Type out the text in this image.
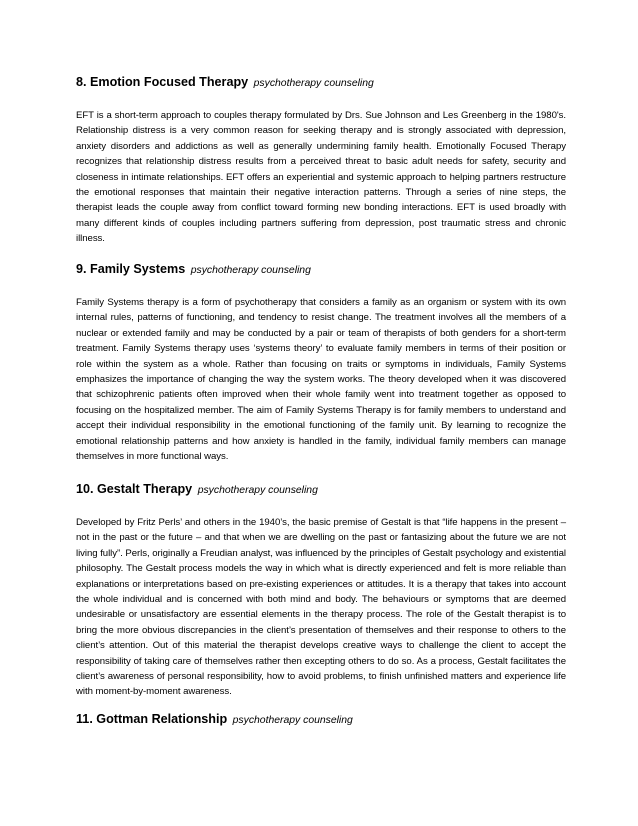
8. Emotion Focused Therapy psychotherapy counseling

EFT is a short-term approach to couples therapy formulated by Drs. Sue Johnson and Les Greenberg in the 1980's. Relationship distress is a very common reason for seeking therapy and is strongly associated with depression, anxiety disorders and addictions as well as generally undermining family health. Emotionally Focused Therapy recognizes that relationship distress results from a perceived threat to basic adult needs for safety, security and closeness in intimate relationships. EFT offers an experiential and systemic approach to helping partners restructure the emotional responses that maintain their negative interaction patterns. Through a series of nine steps, the therapist leads the couple away from conflict toward forming new bonding interactions. EFT is used broadly with many different kinds of couples including partners suffering from depression, post traumatic stress and chronic illness.

9. Family Systems psychotherapy counseling

Family Systems therapy is a form of psychotherapy that considers a family as an organism or system with its own internal rules, patterns of functioning, and tendency to resist change. The treatment involves all the members of a nuclear or extended family and may be conducted by a pair or team of therapists of both genders for a short-term treatment. Family Systems therapy uses ‘systems theory’ to evaluate family members in terms of their position or role within the system as a whole. Rather than focusing on traits or symptoms in individuals, Family Systems emphasizes the importance of changing the way the system works. The theory developed when it was discovered that schizophrenic patients often improved when their whole family went into treatment together as opposed to focusing on the hospitalized member. The aim of Family Systems Therapy is for family members to understand and accept their individual responsibility in the emotional functioning of the family unit. By learning to recognize the emotional relationship patterns and how anxiety is handled in the family, individual family members can manage themselves in more functional ways.

10. Gestalt Therapy psychotherapy counseling

Developed by Fritz Perls’ and others in the 1940’s, the basic premise of Gestalt is that “life happens in the present – not in the past or the future – and that when we are dwelling on the past or fantasizing about the future we are not living fully”. Perls, originally a Freudian analyst, was influenced by the principles of Gestalt psychology and existential philosophy. The Gestalt process models the way in which what is directly experienced and felt is more reliable than explanations or interpretations based on pre-existing experiences or attitudes. It is a therapy that takes into account the whole individual and is concerned with both mind and body. The behaviours or symptoms that are deemed undesirable or unsatisfactory are essential elements in the therapy process. The role of the Gestalt therapist is to bring the more obvious discrepancies in the client’s presentation of themselves and their response to others to the client’s attention. Out of this material the therapist develops creative ways to challenge the client to accept the responsibility of taking care of themselves rather then excepting others to do so. As a process, Gestalt facilitates the client’s awareness of personal responsibility, how to avoid problems, to finish unfinished matters and experience life with moment-by-moment awareness.

11. Gottman Relationship psychotherapy counseling
